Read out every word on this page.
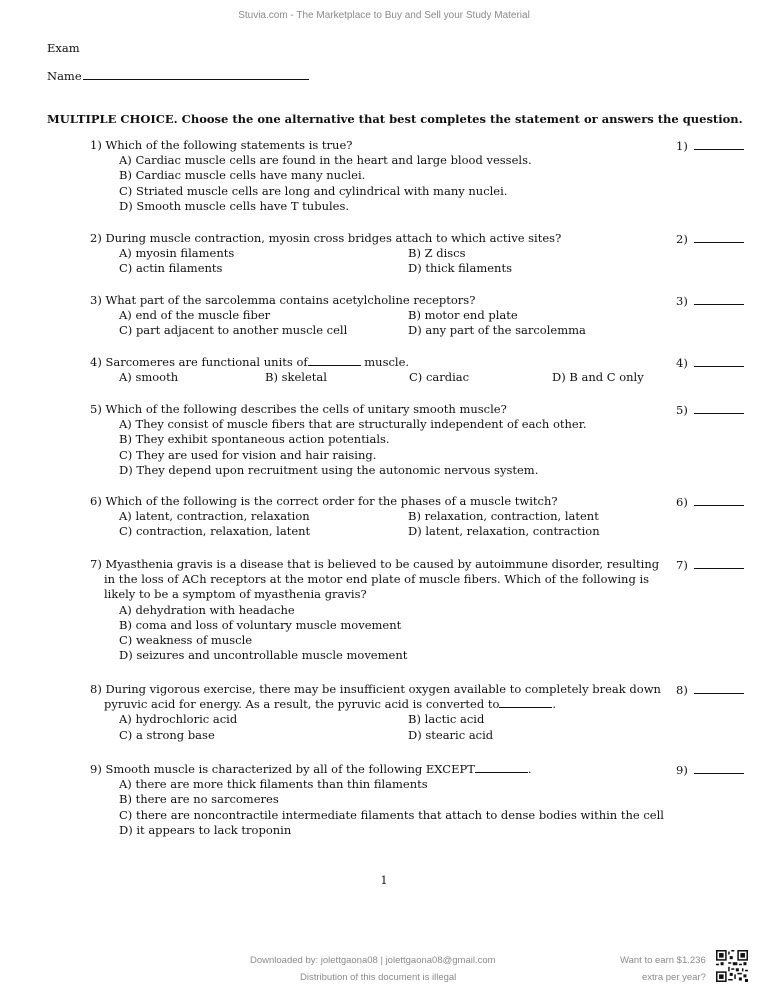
Stuvia.com - The Marketplace to Buy and Sell your Study Material
Exam
Name
MULTIPLE CHOICE. Choose the one alternative that best completes the statement or answers the question.
1) Which of the following statements is true?
A) Cardiac muscle cells are found in the heart and large blood vessels.
B) Cardiac muscle cells have many nuclei.
C) Striated muscle cells are long and cylindrical with many nuclei.
D) Smooth muscle cells have T tubules.
1)
2) During muscle contraction, myosin cross bridges attach to which active sites?
A) myosin filaments	B) Z discs
C) actin filaments	D) thick filaments
2)
3) What part of the sarcolemma contains acetylcholine receptors?
A) end of the muscle fiber	B) motor end plate
C) part adjacent to another muscle cell	D) any part of the sarcolemma
3)
4) Sarcomeres are functional units of	muscle.
A) smooth	B) skeletal	C) cardiac	D) B and C only
4)
5) Which of the following describes the cells of unitary smooth muscle?
A) They consist of muscle fibers that are structurally independent of each other.
B) They exhibit spontaneous action potentials.
C) They are used for vision and hair raising.
D) They depend upon recruitment using the autonomic nervous system.
5)
6) Which of the following is the correct order for the phases of a muscle twitch?
A) latent, contraction, relaxation	B) relaxation, contraction, latent
C) contraction, relaxation, latent	D) latent, relaxation, contraction
6)
7) Myasthenia gravis is a disease that is believed to be caused by autoimmune disorder, resulting in the loss of ACh receptors at the motor end plate of muscle fibers. Which of the following is likely to be a symptom of myasthenia gravis?
A) dehydration with headache
B) coma and loss of voluntary muscle movement
C) weakness of muscle
D) seizures and uncontrollable muscle movement
7)
8) During vigorous exercise, there may be insufficient oxygen available to completely break down pyruvic acid for energy. As a result, the pyruvic acid is converted to	.
A) hydrochloric acid	B) lactic acid
C) a strong base	D) stearic acid
8)
9) Smooth muscle is characterized by all of the following EXCEPT	.
A) there are more thick filaments than thin filaments
B) there are no sarcomeres
C) there are noncontractile intermediate filaments that attach to dense bodies within the cell
D) it appears to lack troponin
9)
1
Downloaded by: jolettgaona08 | jolettgaona08@gmail.com
Distribution of this document is illegal
Want to earn $1.236
extra per year?
